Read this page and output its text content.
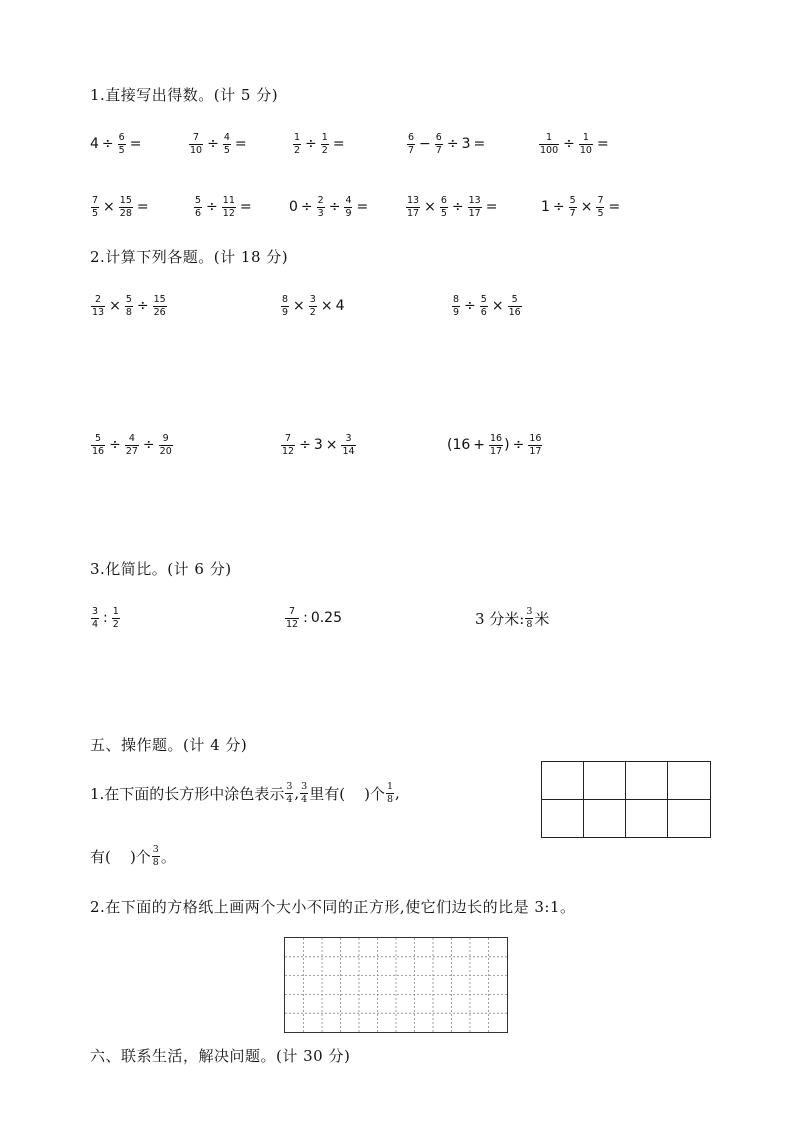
1.直接写出得数。(计 5 分)
$4 \div \frac{6}{5}$ =	$\frac{7}{10} \div \frac{4}{5}$ =	$\frac{1}{2} \div \frac{1}{2}$ =	$\frac{6}{7} - \frac{6}{7} \div 3$ =	$\frac{1}{100} \div \frac{1}{10}$ =
$\frac{7}{5} \times \frac{15}{28}$ =	$\frac{5}{6} \div \frac{11}{12}$ =	$0 \div \frac{2}{3} \div \frac{4}{9}$ =	$\frac{13}{17} \times \frac{6}{5} \div \frac{13}{17}$ =	$1 \div \frac{5}{7} \times \frac{7}{5}$ =
2.计算下列各题。(计 18 分)
$\frac{2}{13} \times \frac{5}{8} \div \frac{15}{26}$	$\frac{8}{9} \times \frac{3}{2} \times 4$	$\frac{8}{9} \div \frac{5}{6} \times \frac{5}{16}$
$\frac{5}{16} \div \frac{4}{27} \div \frac{9}{20}$	$\frac{7}{12} \div 3 \times \frac{3}{14}$	($16 + \frac{16}{17}$ ) ÷ $\frac{16}{17}$
3.化简比。(计 6 分)
$\frac{3}{4}$ : $\frac{1}{2}$	$\frac{7}{12}$ : 0.25	3 分米: $\frac{3}{8}$ 米
五、操作题。(计 4 分)
1.在下面的长方形中涂色表示 $\frac{3}{4}$ , $\frac{3}{4}$ 里有(
)个 $\frac{1}{8}$ ,
有(
)个 $\frac{3}{8}$ 。
2.在下面的方格纸上画两个大小不同的正方形,使它们边长的比是 3:1。
六、联系生活，解决问题。(计 30 分)
